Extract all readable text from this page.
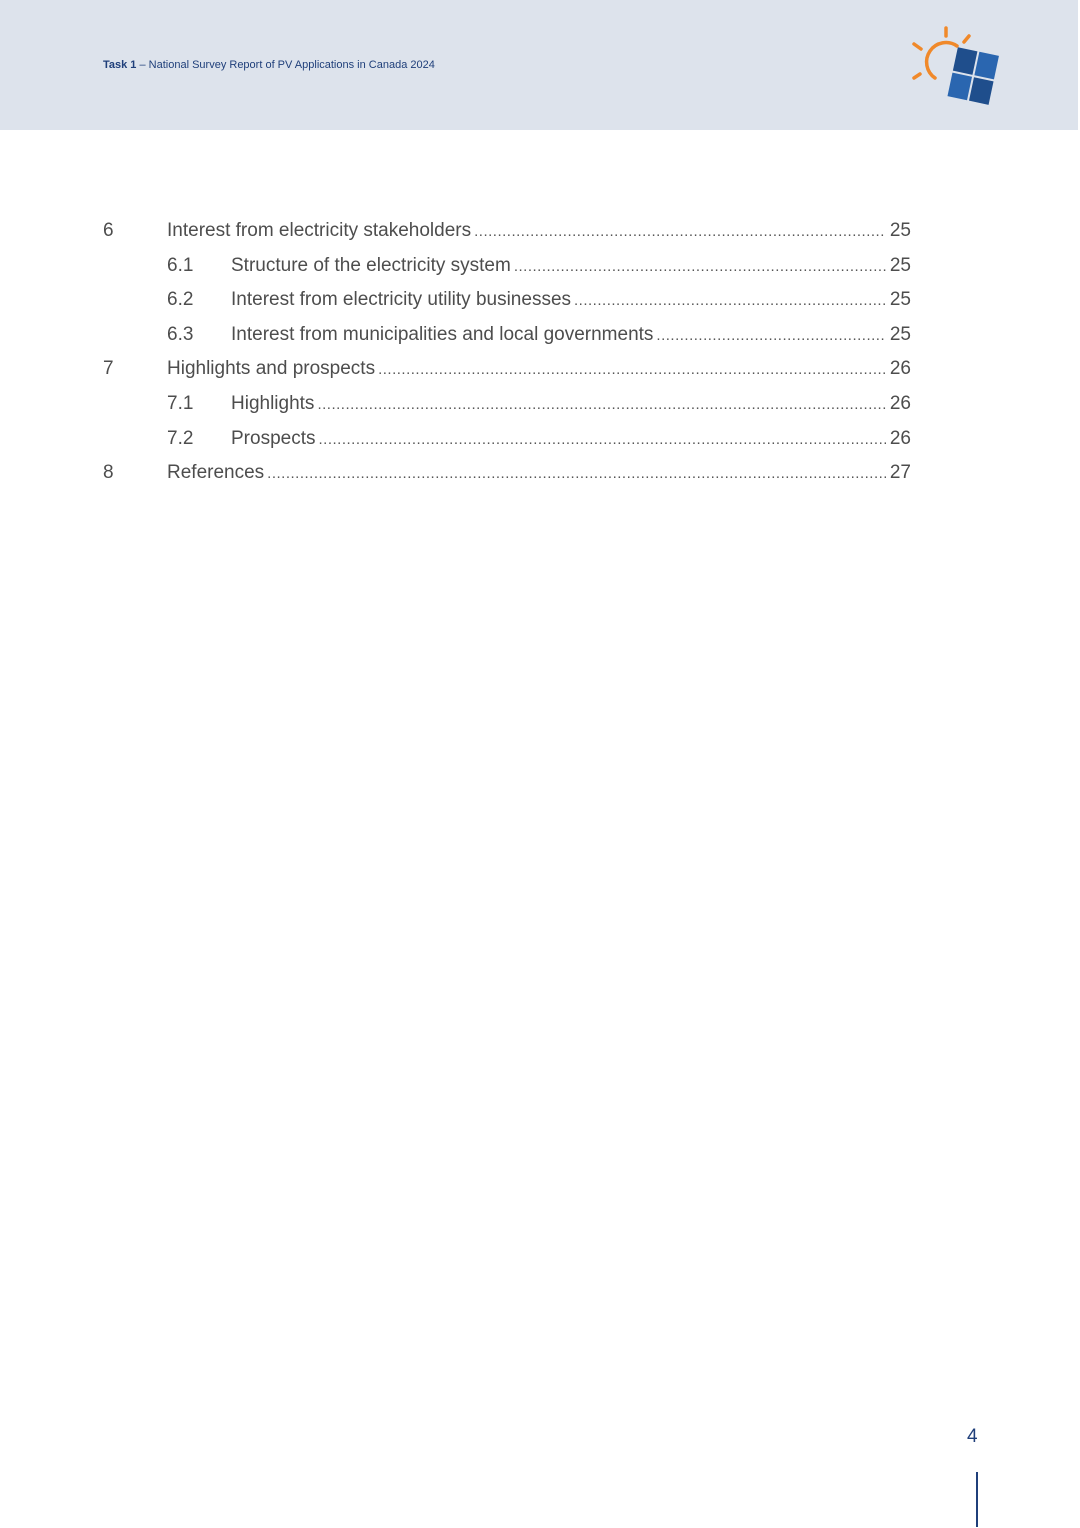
Task 1 – National Survey Report of PV Applications in Canada 2024
6	Interest from electricity stakeholders .....	25
6.1 Structure of the electricity system .....	25
6.2 Interest from electricity utility businesses .....	25
6.3 Interest from municipalities and local governments .....	25
7	Highlights and prospects .....	26
7.1 Highlights .....	26
7.2 Prospects .....	26
8	References .....	27
4
